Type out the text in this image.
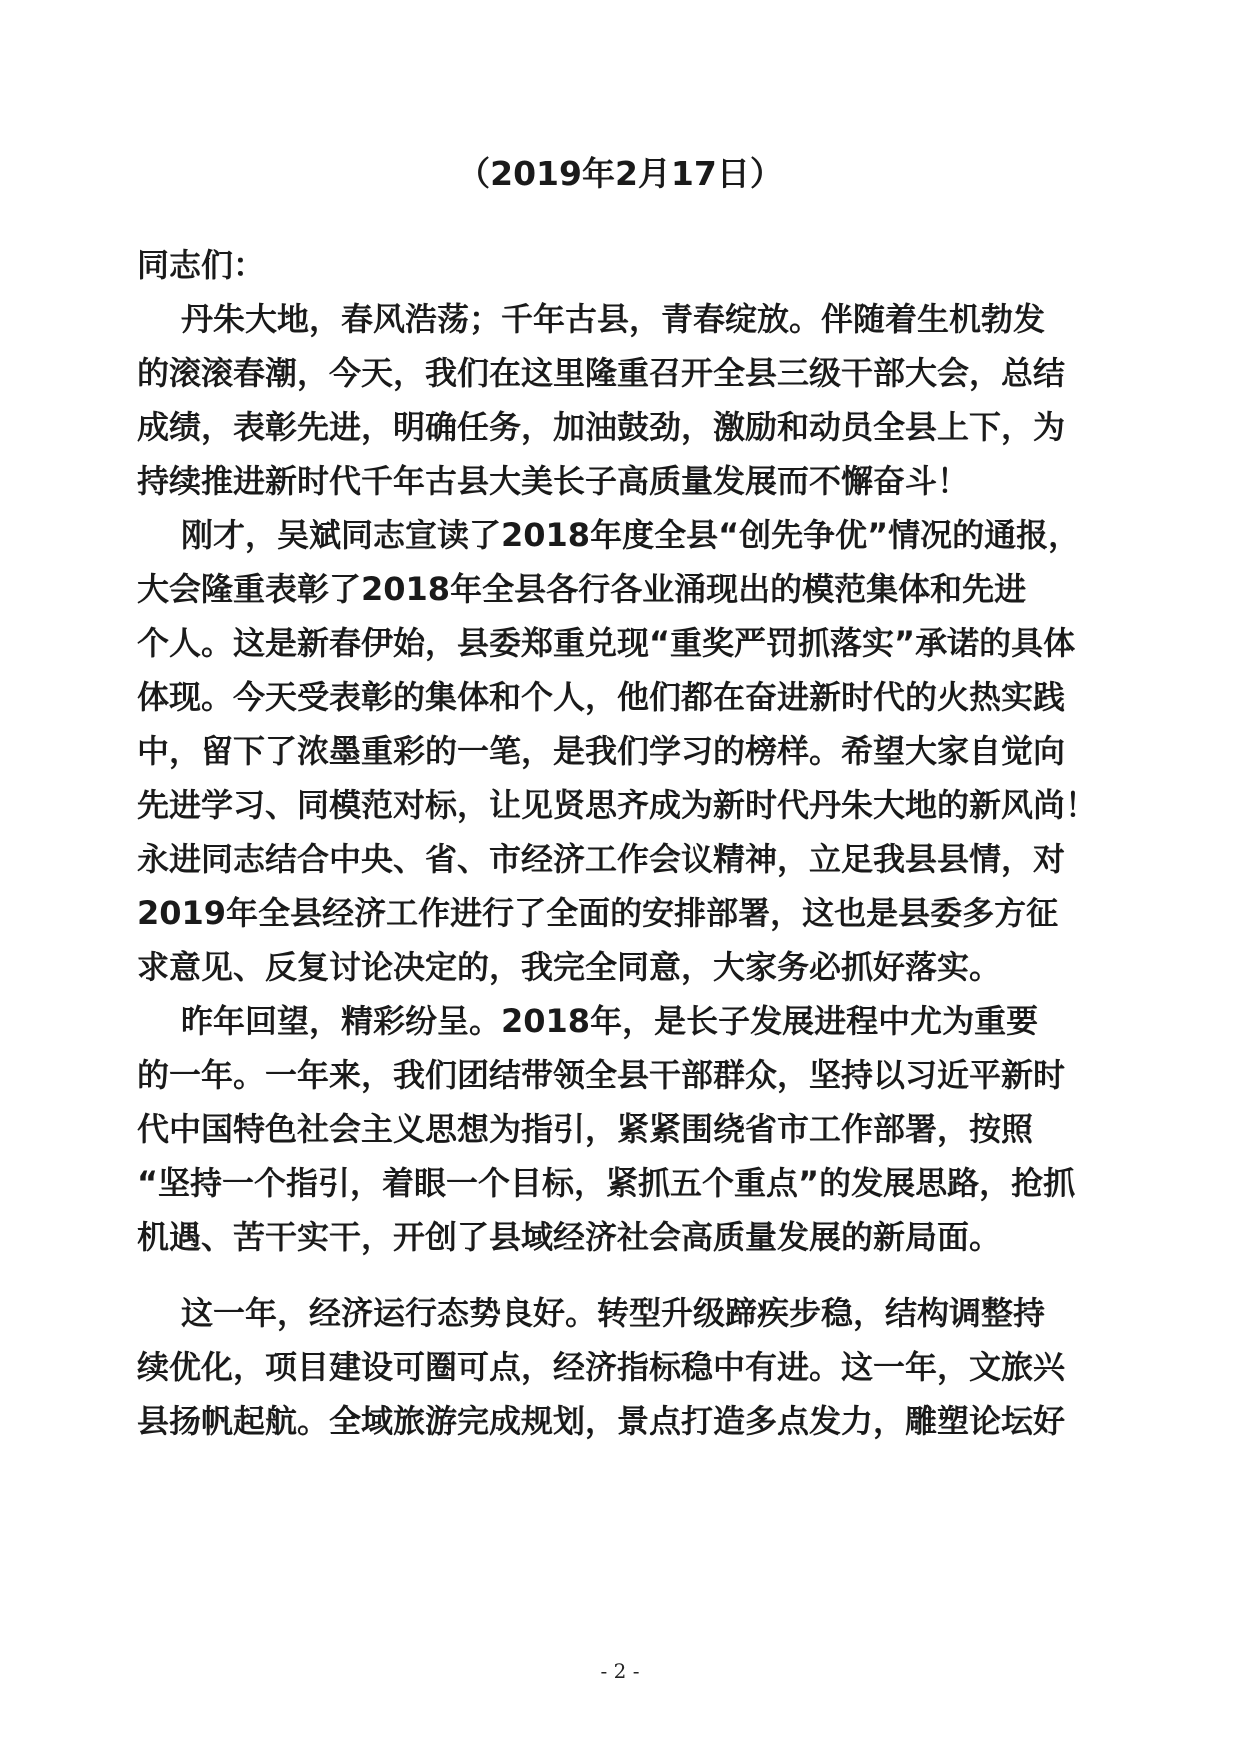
（2019年2月17日）
同志们：
丹朱大地，春风浩荡；千年古县，青春绽放。伴随着生机勃发
的滚滚春潮，今天，我们在这里隆重召开全县三级干部大会，总结
成绩，表彰先进，明确任务，加油鼓劲，激励和动员全县上下，为
持续推进新时代千年古县大美长子高质量发展而不懈奋斗！
刚才，吴斌同志宣读了2018年度全县“创先争优”情况的通报，
大会隆重表彰了2018年全县各行各业涌现出的模范集体和先进
个人。这是新春伊始，县委郑重兑现“重奖严罚抓落实”承诺的具体
体现。今天受表彰的集体和个人，他们都在奋进新时代的火热实践
中，留下了浓墨重彩的一笔，是我们学习的榜样。希望大家自觉向
先进学习、同模范对标，让见贤思齐成为新时代丹朱大地的新风尚！
永进同志结合中央、省、市经济工作会议精神，立足我县县情，对
2019年全县经济工作进行了全面的安排部署，这也是县委多方征
求意见、反复讨论决定的，我完全同意，大家务必抓好落实。
昨年回望，精彩纷呈。2018年，是长子发展进程中尤为重要
的一年。一年来，我们团结带领全县干部群众，坚持以习近平新时
代中国特色社会主义思想为指引，紧紧围绕省市工作部署，按照
“坚持一个指引，着眼一个目标，紧抓五个重点”的发展思路，抢抓
机遇、苦干实干，开创了县域经济社会高质量发展的新局面。
这一年，经济运行态势良好。转型升级蹄疾步稳，结构调整持
续优化，项目建设可圈可点，经济指标稳中有进。这一年，文旅兴
县扬帆起航。全域旅游完成规划，景点打造多点发力，雕塑论坛好
- 2 -
